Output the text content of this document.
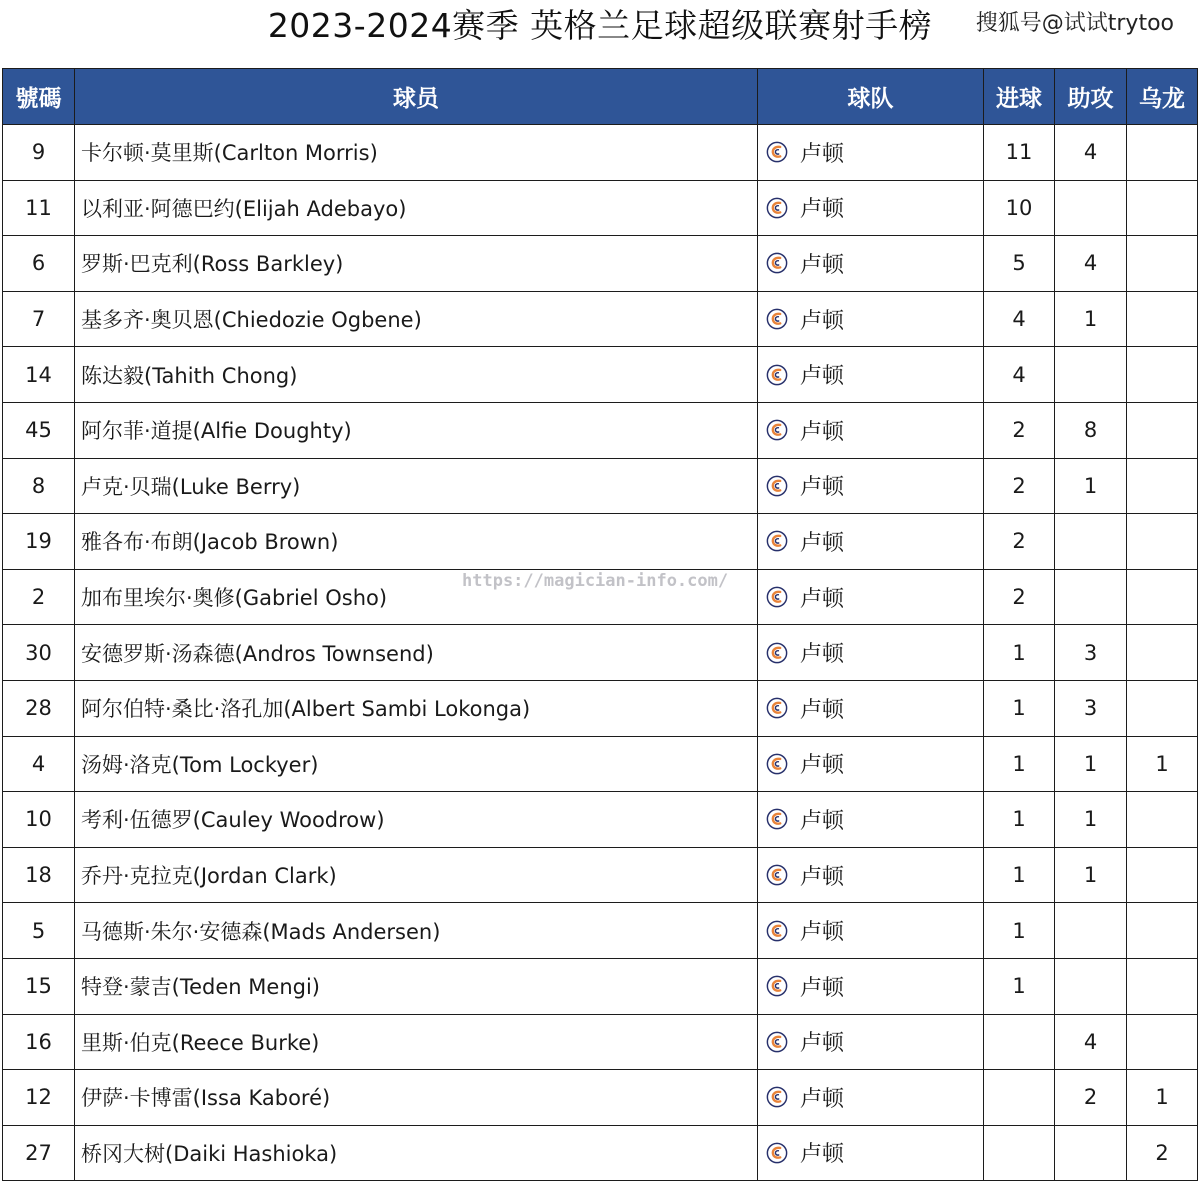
2023-2024赛季 英格兰足球超级联赛射手榜	搜狐号@试试trytoo
號碼	球员	球队	进球	助攻	乌龙
9	卡尔顿·莫里斯(Carlton Morris)	卢顿	11	4	
11	以利亚·阿德巴约(Elijah Adebayo)	卢顿	10		
6	罗斯·巴克利(Ross Barkley)	卢顿	5	4	
7	基多齐·奥贝恩(Chiedozie Ogbene)	卢顿	4	1	
14	陈达毅(Tahith Chong)	卢顿	4		
45	阿尔菲·道提(Alfie Doughty)	卢顿	2	8	
8	卢克·贝瑞(Luke Berry)	卢顿	2	1	
19	雅各布·布朗(Jacob Brown)	卢顿	2		
2	加布里埃尔·奥修(Gabriel Osho)	卢顿	2		
30	安德罗斯·汤森德(Andros Townsend)	卢顿	1	3	
28	阿尔伯特·桑比·洛孔加(Albert Sambi Lokonga)	卢顿	1	3	
4	汤姆·洛克(Tom Lockyer)	卢顿	1	1	1
10	考利·伍德罗(Cauley Woodrow)	卢顿	1	1	
18	乔丹·克拉克(Jordan Clark)	卢顿	1	1	
5	马德斯·朱尔·安德森(Mads Andersen)	卢顿	1		
15	特登·蒙吉(Teden Mengi)	卢顿	1		
16	里斯·伯克(Reece Burke)	卢顿		4	
12	伊萨·卡博雷(Issa Kaboré)	卢顿		2	1
27	桥冈大树(Daiki Hashioka)	卢顿			2
https://magician-info.com/
